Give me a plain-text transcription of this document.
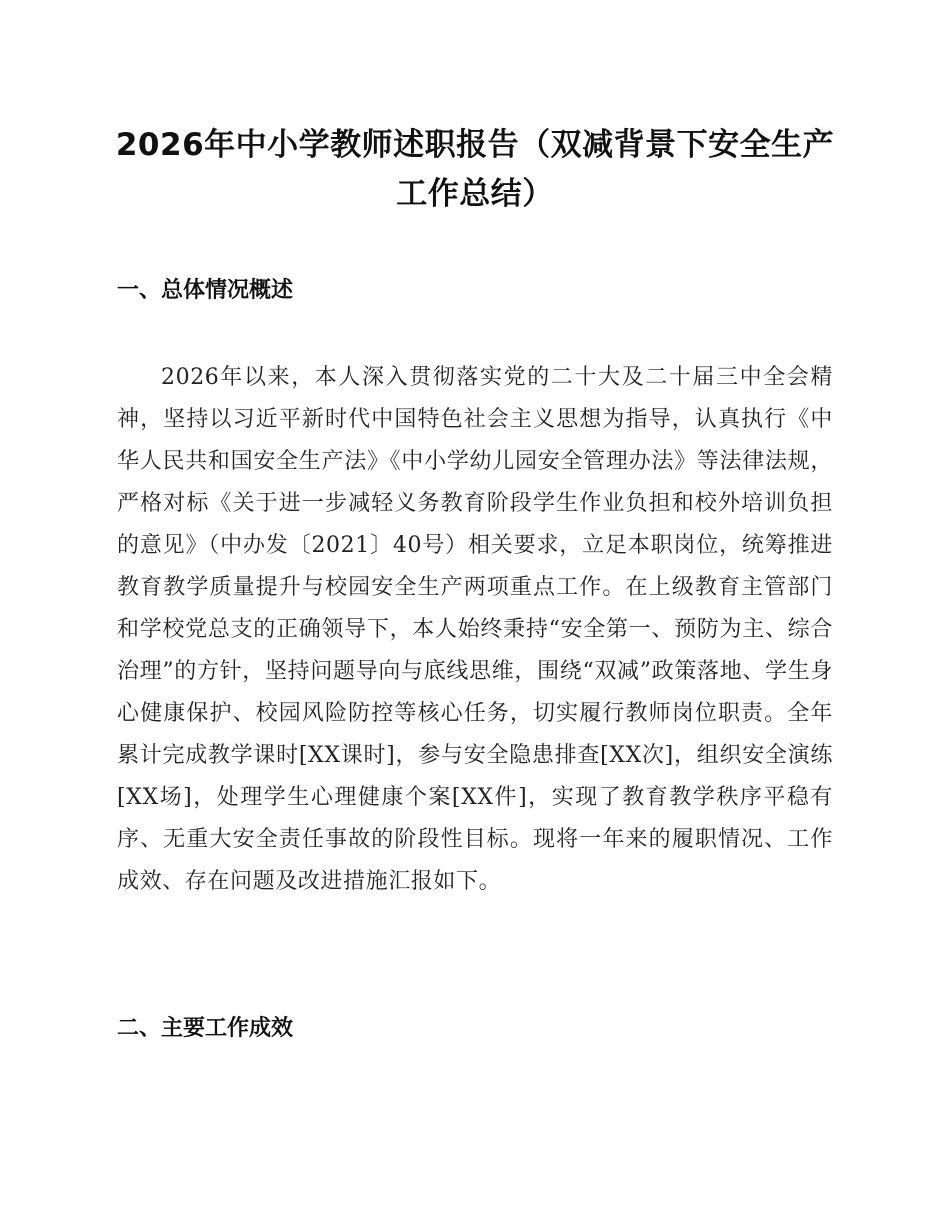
2026年中小学教师述职报告（双减背景下安全生产工作总结）
一、总体情况概述

2026年以来，本人深入贯彻落实党的二十大及二十届三中全会精神，坚持以习近平新时代中国特色社会主义思想为指导，认真执行《中华人民共和国安全生产法》《中小学幼儿园安全管理办法》等法律法规，严格对标《关于进一步减轻义务教育阶段学生作业负担和校外培训负担的意见》（中办发〔2021〕40号）相关要求，立足本职岗位，统筹推进教育教学质量提升与校园安全生产两项重点工作。在上级教育主管部门和学校党总支的正确领导下，本人始终秉持“安全第一、预防为主、综合治理”的方针，坚持问题导向与底线思维，围绕“双减”政策落地、学生身心健康保护、校园风险防控等核心任务，切实履行教师岗位职责。全年累计完成教学课时[XX课时]，参与安全隐患排查[XX次]，组织安全演练[XX场]，处理学生心理健康个案[XX件]，实现了教育教学秩序平稳有序、无重大安全责任事故的阶段性目标。现将一年来的履职情况、工作成效、存在问题及改进措施汇报如下。

二、主要工作成效
